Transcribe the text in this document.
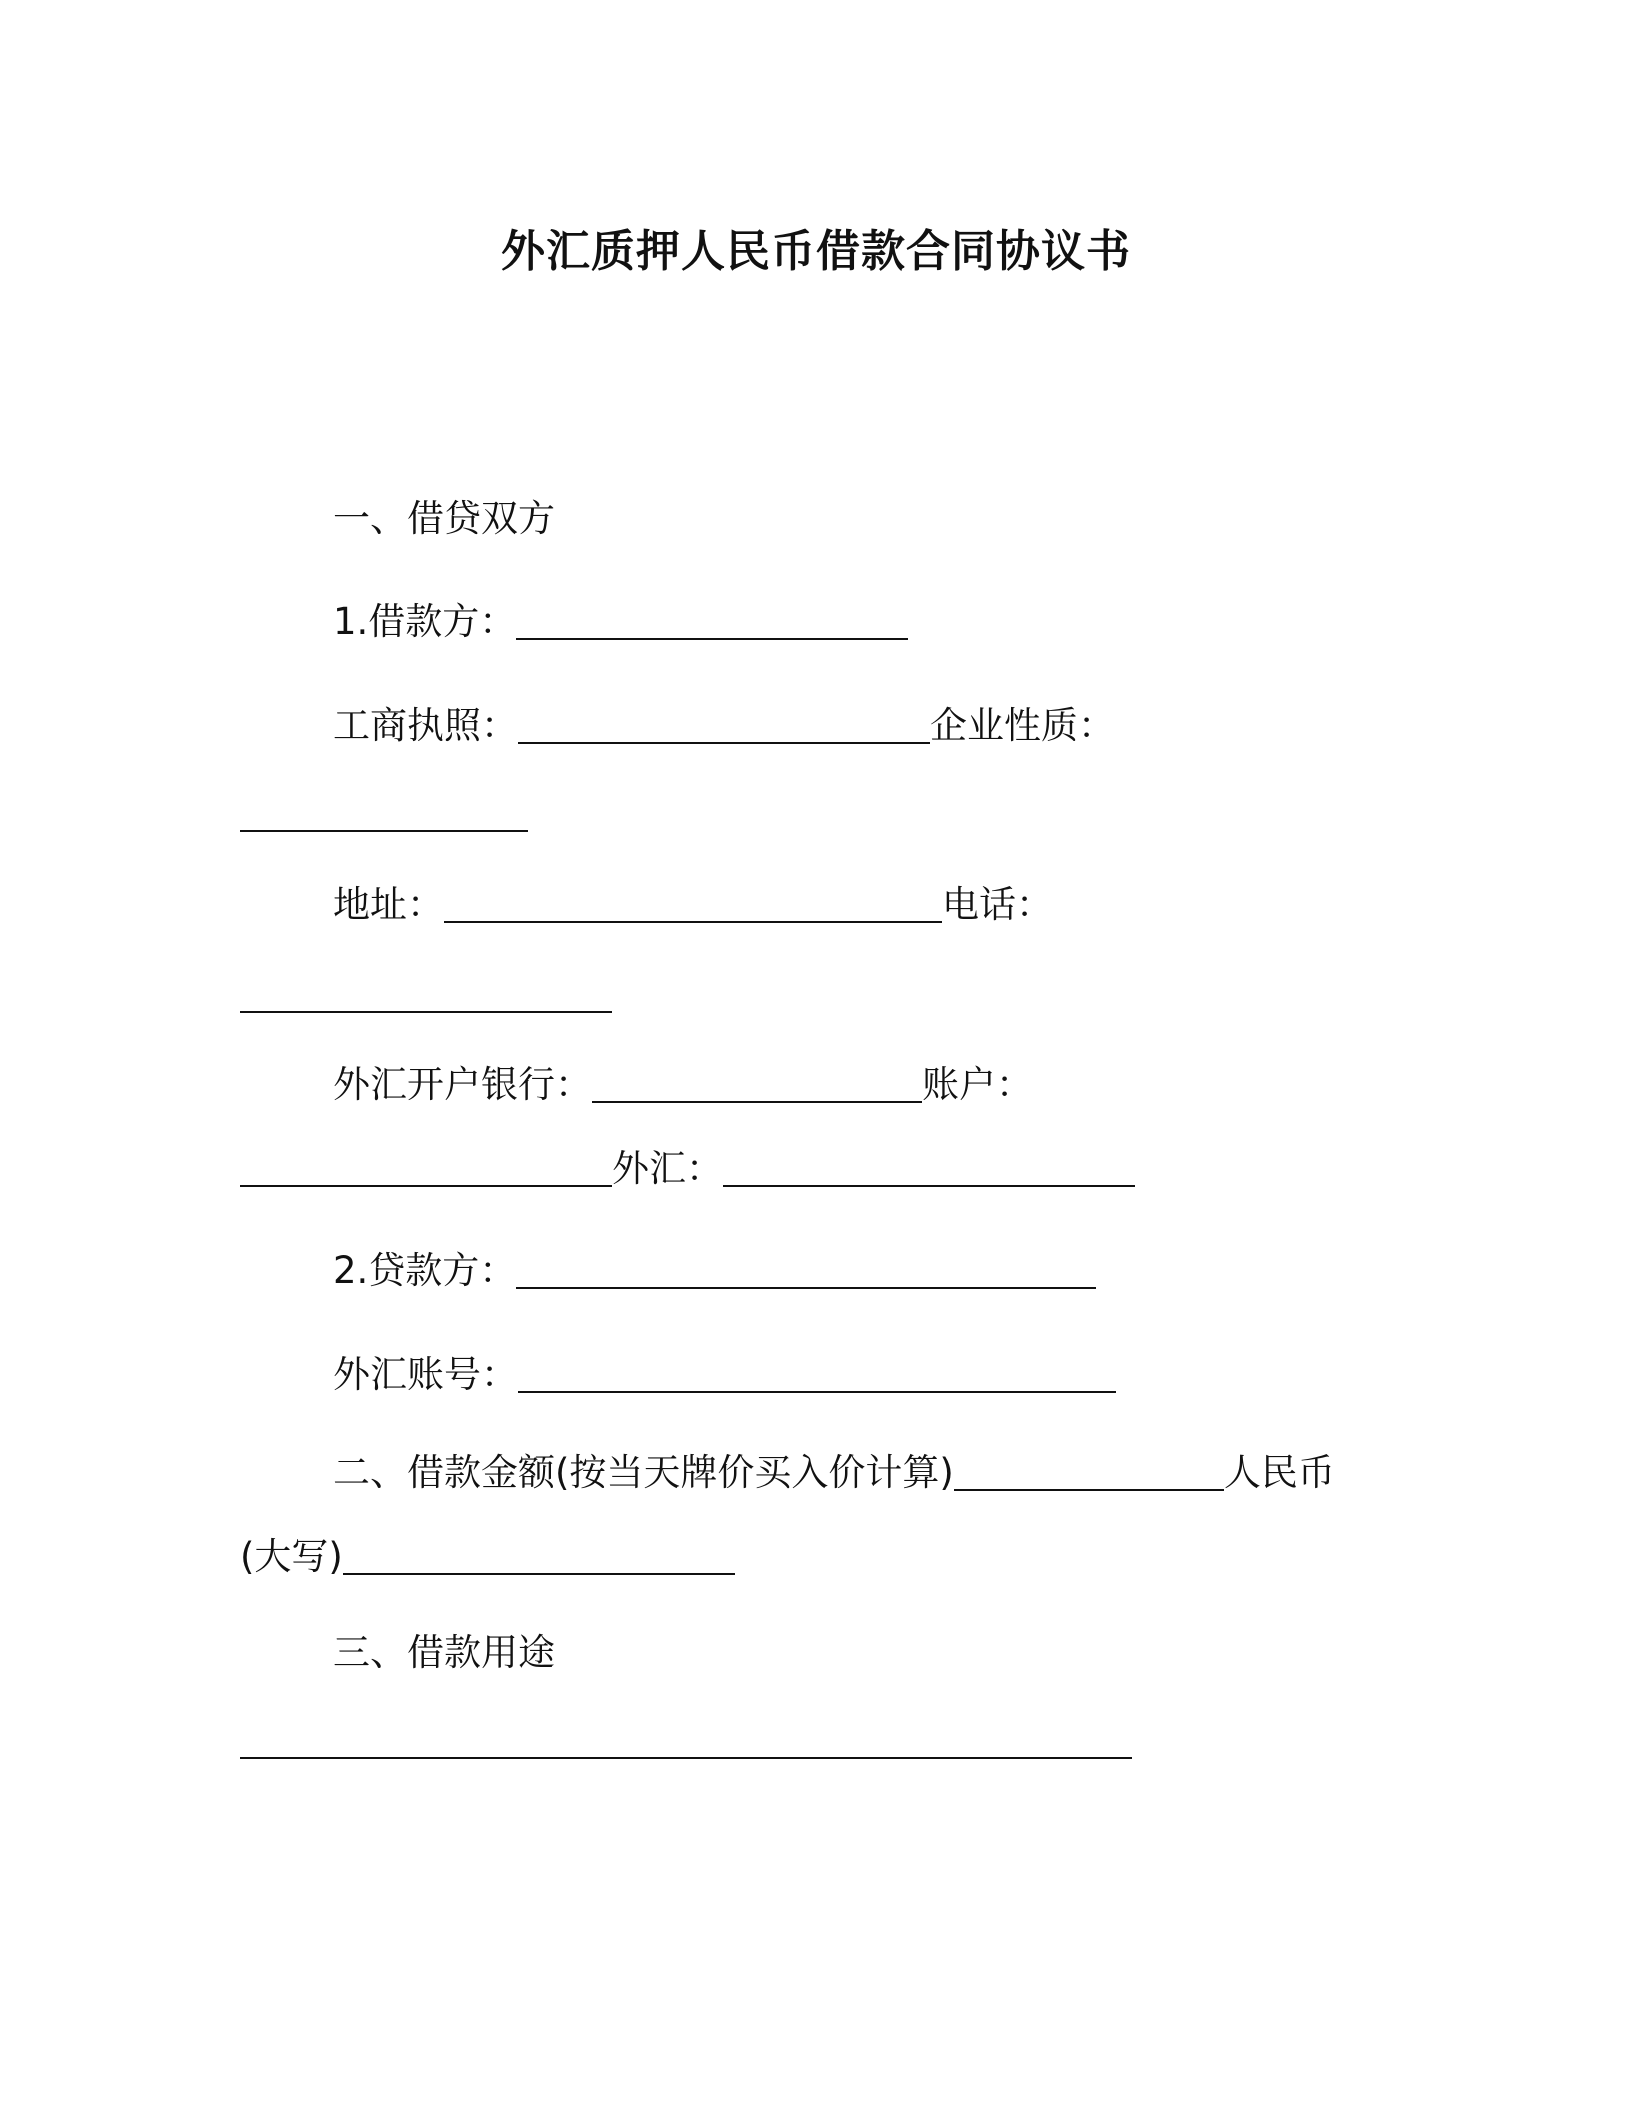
外汇质押人民币借款合同协议书
一、借贷双方
1.借款方：
工商执照：	企业性质：
地址：	电话：
外汇开户银行：	账户：
外汇：
2.贷款方：
外汇账号：
二、借款金额(按当天牌价买入价计算)	人民币
(大写)
三、借款用途
